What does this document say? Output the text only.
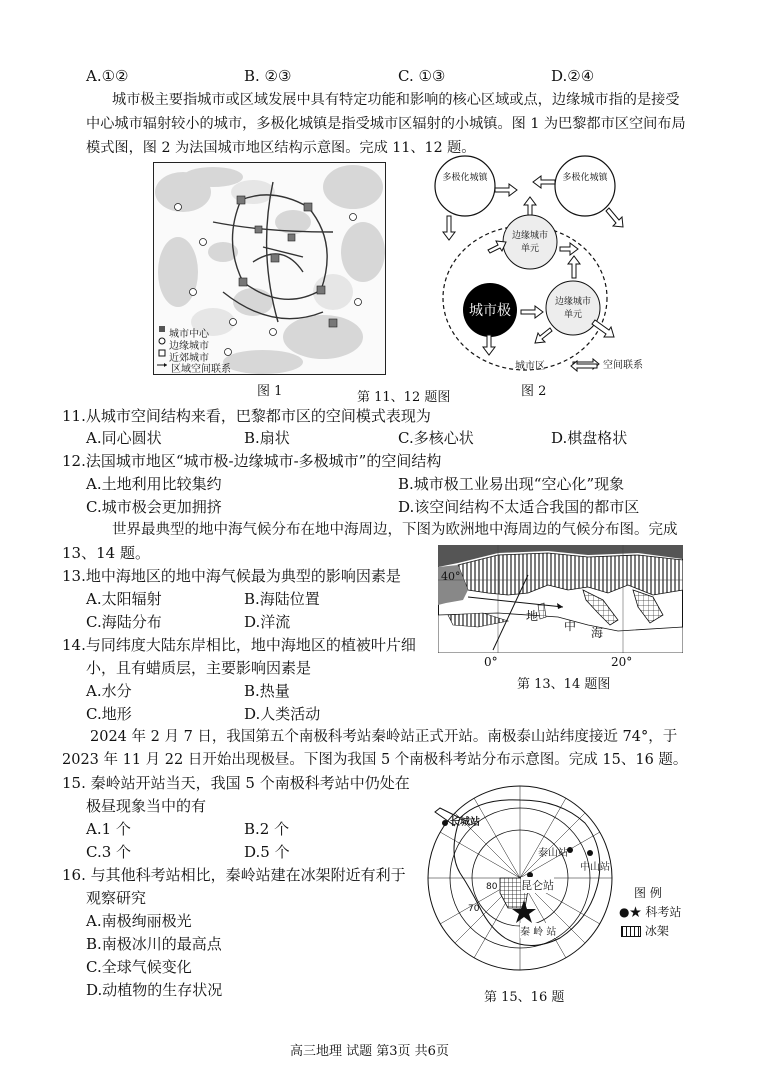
A.①②	B. ②③	C. ①③	D.②④
城市极主要指城市或区域发展中具有特定功能和影响的核心区域或点，边缘城市指的是接受
中心城市辐射较小的城市，多极化城镇是指受城市区辐射的小城镇。图 1 为巴黎都市区空间布局
模式图，图 2 为法国城市地区结构示意图。完成 11、12 题。
城市中心
边缘城市
近郊城市
区域空间联系
多极化城镇	多极化城镇
边缘城市单元
边缘城市单元
城市极
城市区	空间联系
图 1	第 11、12 题图	图 2
11.从城市空间结构来看，巴黎都市区的空间模式表现为
A.同心圆状	B.扇状	C.多核心状	D.棋盘格状
12.法国城市地区“城市极-边缘城市-多极城市”的空间结构
A.土地利用比较集约	B.城市极工业易出现“空心化”现象
C.城市极会更加拥挤	D.该空间结构不太适合我国的都市区
世界最典型的地中海气候分布在地中海周边，下图为欧洲地中海周边的气候分布图。完成
13、14 题。
地
中 海
40°
0°	20°
第 13、14 题图
13.地中海地区的地中海气候最为典型的影响因素是
A.太阳辐射	B.海陆位置
C.海陆分布	D.洋流
14.与同纬度大陆东岸相比，地中海地区的植被叶片细
小，且有蜡质层，主要影响因素是
A.水分	B.热量
C.地形	D.人类活动
2024 年 2 月 7 日，我国第五个南极科考站秦岭站正式开站。南极泰山站纬度接近 74°，于
2023 年 11 月 22 日开始出现极昼。下图为我国 5 个南极科考站分布示意图。完成 15、16 题。
15. 秦岭站开站当天，我国 5 个南极科考站中仍处在
极昼现象当中的有
A.1 个	B.2 个
C.3 个	D.5 个
16. 与其他科考站相比，秦岭站建在冰架附近有利于
观察研究
A.南极绚丽极光
B.南极冰川的最高点
C.全球气候变化
D.动植物的生存状况
长城站
泰山站
中山站
昆仑站
秦 岭 站
80
70
图 例
●★ 科考站
冰架
第 15、16 题
高三地理 试题 第3页 共6页
